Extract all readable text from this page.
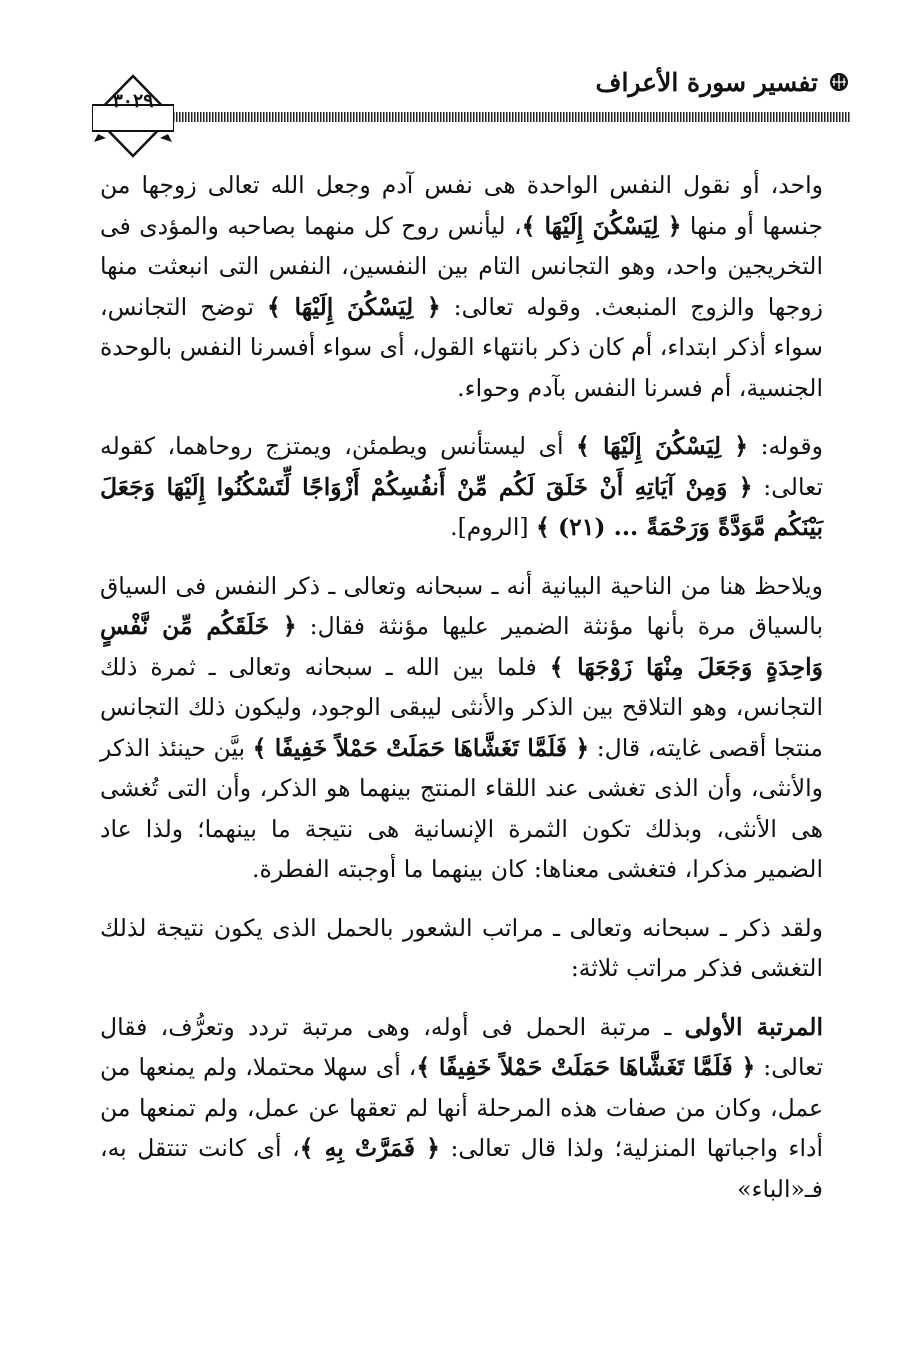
تفسير سورة الأعراف
٣٠٢٩

واحد، أو نقول النفس الواحدة هى نفس آدم وجعل الله تعالى زوجها من جنسها أو منها ﴿ لِيَسْكُنَ إِلَيْهَا ﴾، ليأنس روح كل منهما بصاحبه والمؤدى فى التخريجين واحد، وهو التجانس التام بين النفسين، النفس التى انبعثت منها زوجها والزوج المنبعث. وقوله تعالى: ﴿ لِيَسْكُنَ إِلَيْهَا ﴾ توضح التجانس، سواء أذكر ابتداء، أم كان ذكر بانتهاء القول، أى سواء أفسرنا النفس بالوحدة الجنسية، أم فسرنا النفس بآدم وحواء.

وقوله: ﴿ لِيَسْكُنَ إِلَيْهَا ﴾ أى ليستأنس ويطمئن، ويمتزج روحاهما، كقوله تعالى: ﴿ وَمِنْ آيَاتِهِ أَنْ خَلَقَ لَكُم مِّنْ أَنفُسِكُمْ أَزْوَاجًا لِّتَسْكُنُوا إِلَيْهَا وَجَعَلَ بَيْنَكُم مَّوَدَّةً وَرَحْمَةً ... (٢١) ﴾ [الروم].

ويلاحظ هنا من الناحية البيانية أنه ـ سبحانه وتعالى ـ ذكر النفس فى السياق بالسياق مرة بأنها مؤنثة الضمير عليها مؤنثة فقال: ﴿ خَلَقَكُم مِّن نَّفْسٍ وَاحِدَةٍ وَجَعَلَ مِنْهَا زَوْجَهَا ﴾ فلما بين الله ـ سبحانه وتعالى ـ ثمرة ذلك التجانس، وهو التلاقح بين الذكر والأنثى ليبقى الوجود، وليكون ذلك التجانس منتجا أقصى غايته، قال: ﴿ فَلَمَّا تَغَشَّاهَا حَمَلَتْ حَمْلاً خَفِيفًا ﴾ بيَّن حينئذ الذكر والأنثى، وأن الذى تغشى عند اللقاء المنتج بينهما هو الذكر، وأن التى تُغشى هى الأنثى، وبذلك تكون الثمرة الإنسانية هى نتيجة ما بينهما؛ ولذا عاد الضمير مذكرا، فتغشى معناها: كان بينهما ما أوجبته الفطرة.

ولقد ذكر ـ سبحانه وتعالى ـ مراتب الشعور بالحمل الذى يكون نتيجة لذلك التغشى فذكر مراتب ثلاثة:

المرتبة الأولى ـ مرتبة الحمل فى أوله، وهى مرتبة تردد وتعرُّف، فقال تعالى: ﴿ فَلَمَّا تَغَشَّاهَا حَمَلَتْ حَمْلاً خَفِيفًا ﴾، أى سهلا محتملا، ولم يمنعها من عمل، وكان من صفات هذه المرحلة أنها لم تعقها عن عمل، ولم تمنعها من أداء واجباتها المنزلية؛ ولذا قال تعالى: ﴿ فَمَرَّتْ بِهِ ﴾، أى كانت تنتقل به، فـ«الباء»
